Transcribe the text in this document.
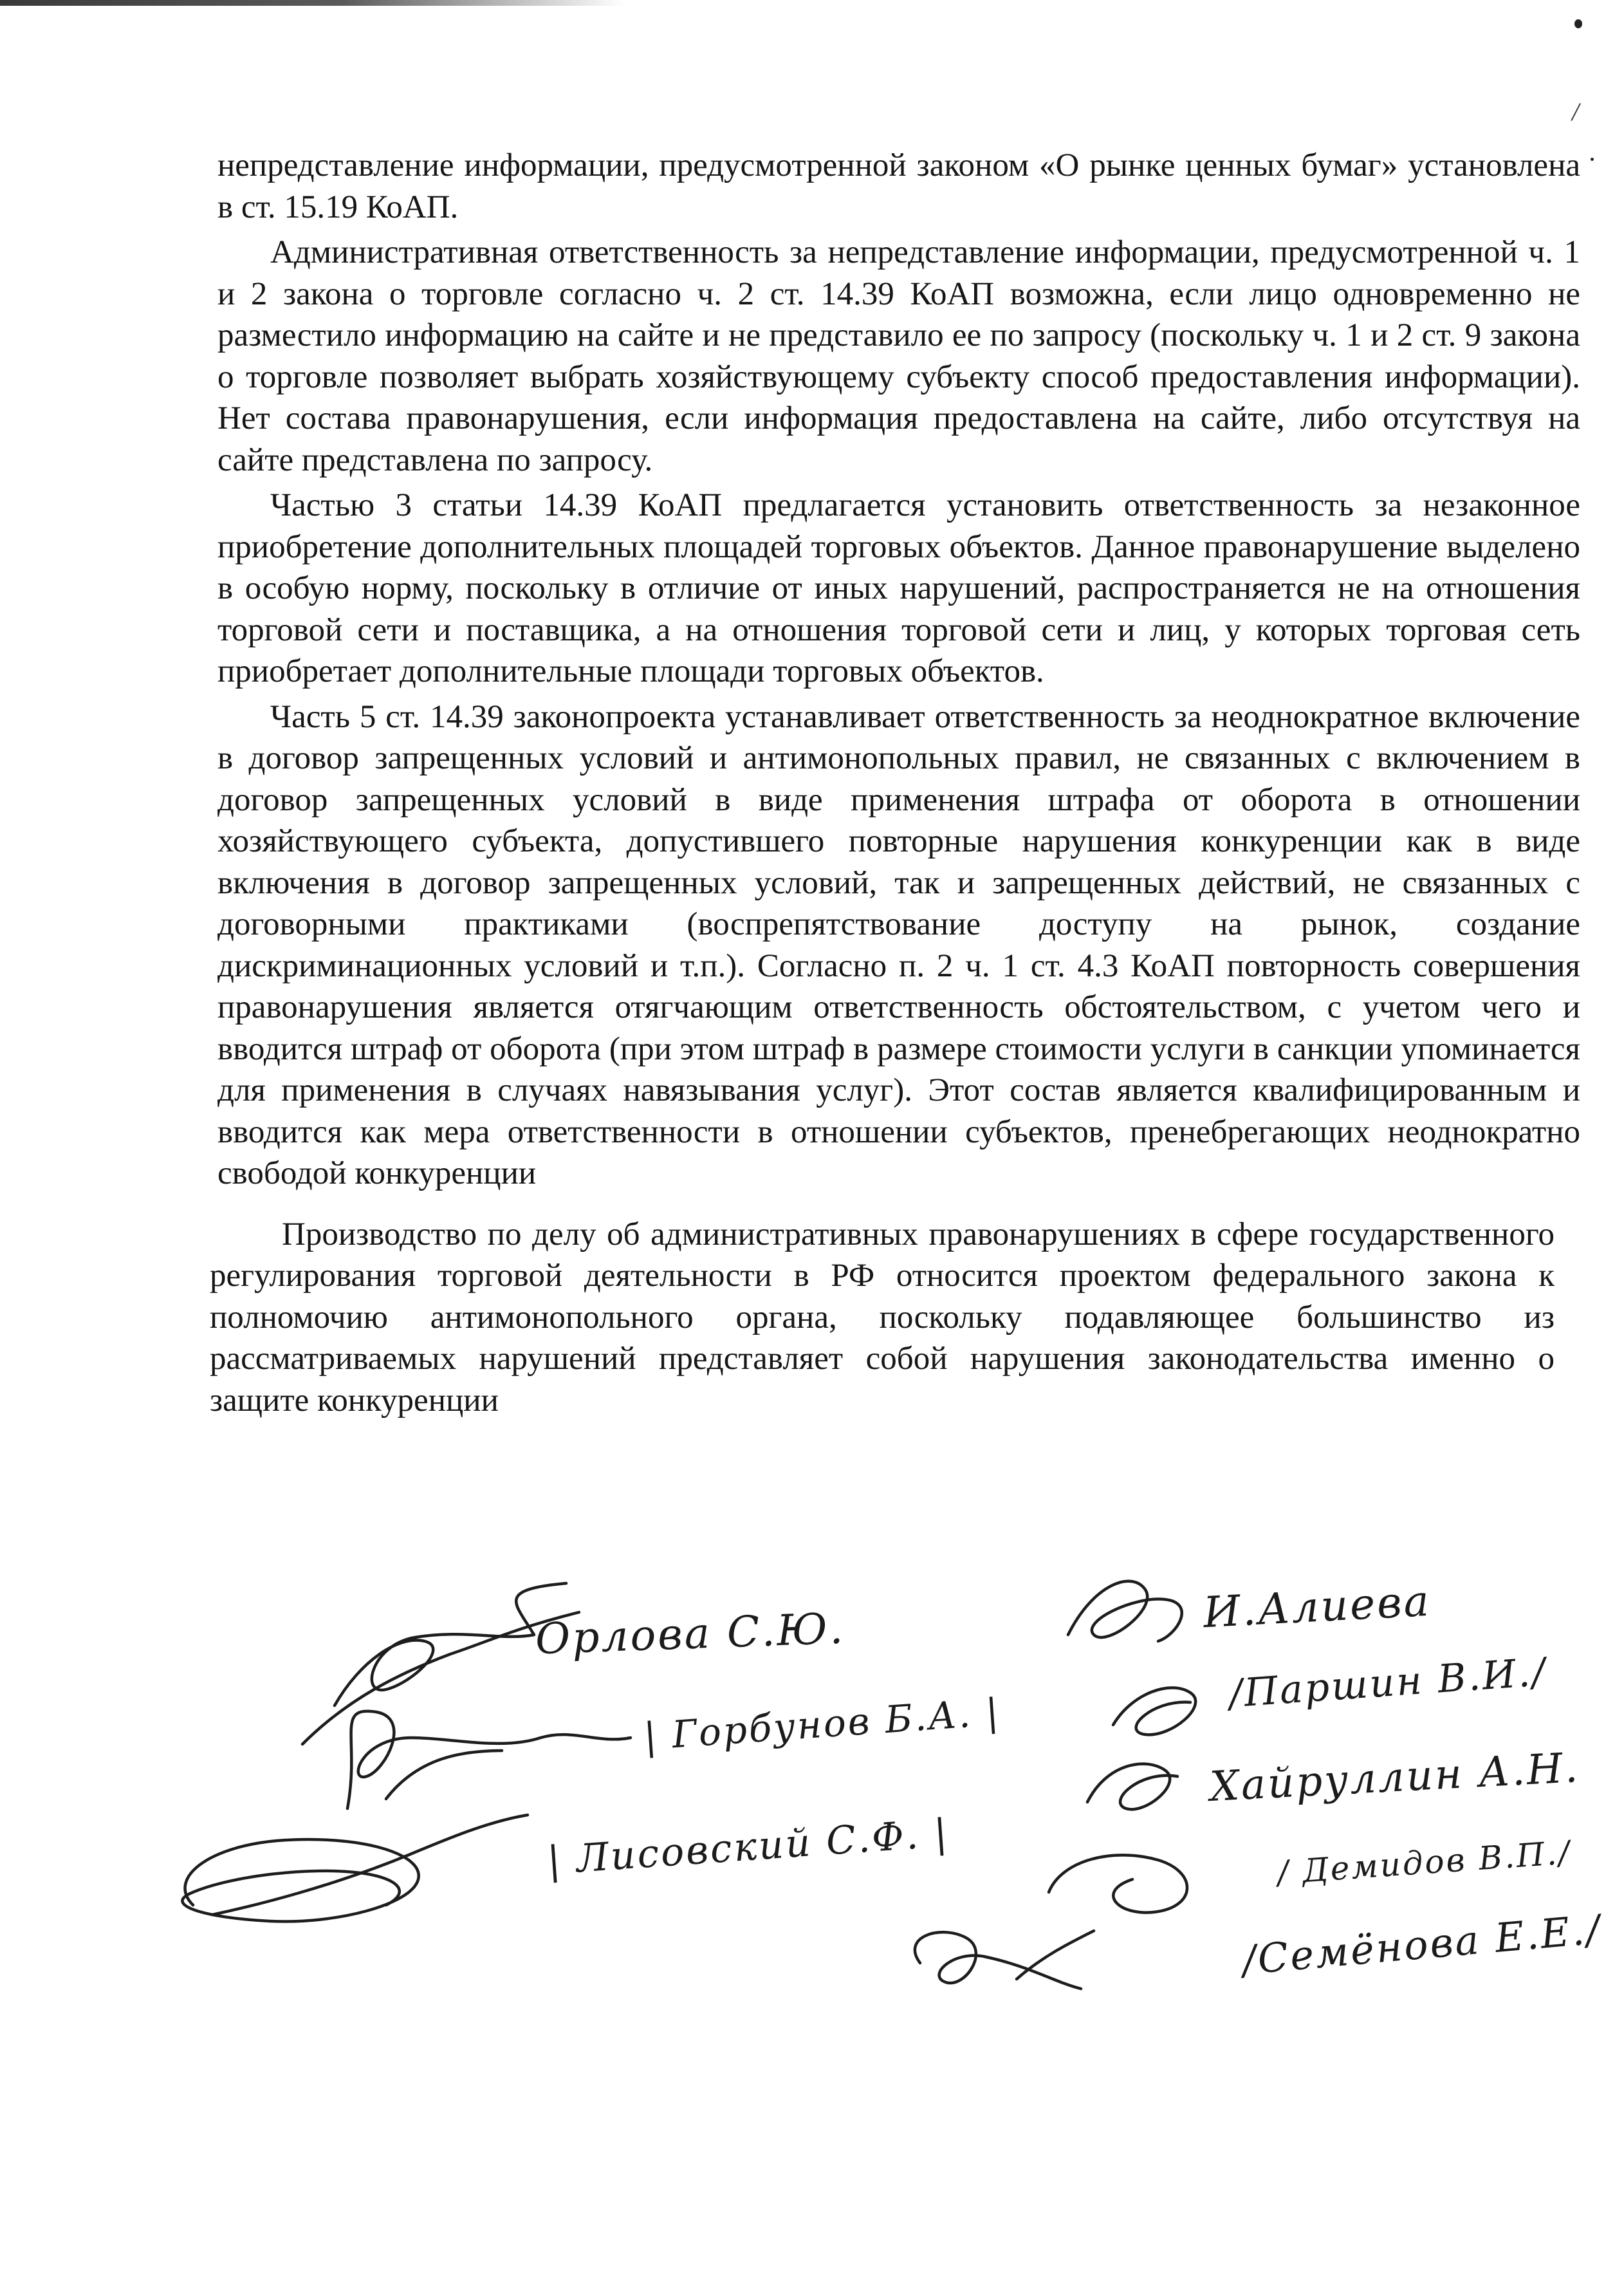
/

непредставление информации, предусмотренной законом «О рынке ценных бумаг» установлена в ст. 15.19 КоАП.

Административная ответственность за непредставление информации, предусмотренной ч. 1 и 2 закона о торговле согласно ч. 2 ст. 14.39 КоАП возможна, если лицо одновременно не разместило информацию на сайте и не представило ее по запросу (поскольку ч. 1 и 2 ст. 9 закона о торговле позволяет выбрать хозяйствующему субъекту способ предоставления информации). Нет состава правонарушения, если информация предоставлена на сайте, либо отсутствуя на сайте представлена по запросу.

Частью 3 статьи 14.39 КоАП предлагается установить ответственность за незаконное приобретение дополнительных площадей торговых объектов. Данное правонарушение выделено в особую норму, поскольку в отличие от иных нарушений, распространяется не на отношения торговой сети и поставщика, а на отношения торговой сети и лиц, у которых торговая сеть приобретает дополнительные площади торговых объектов.

Часть 5 ст. 14.39 законопроекта устанавливает ответственность за неоднократное включение в договор запрещенных условий и антимонопольных правил, не связанных с включением в договор запрещенных условий в виде применения штрафа от оборота в отношении хозяйствующего субъекта, допустившего повторные нарушения конкуренции как в виде включения в договор запрещенных условий, так и запрещенных действий, не связанных с договорными практиками (воспрепятствование доступу на рынок, создание дискриминационных условий и т.п.). Согласно п. 2 ч. 1 ст. 4.3 КоАП повторность совершения правонарушения является отягчающим ответственность обстоятельством, с учетом чего и вводится штраф от оборота (при этом штраф в размере стоимости услуги в санкции упоминается для применения в случаях навязывания услуг). Этот состав является квалифицированным и вводится как мера ответственности в отношении субъектов, пренебрегающих неоднократно свободой конкуренции

Производство по делу об административных правонарушениях в сфере государственного регулирования торговой деятельности в РФ относится проектом федерального закона к полномочию антимонопольного органа, поскольку подавляющее большинство из рассматриваемых нарушений представляет собой нарушения законодательства именно о защите конкуренции

Орлова С.Ю.
| Горбунов Б.А. |
| Лисовский С.Ф. |
И.Алиева
/Паршин В.И./
Хайруллин А.Н.
/ Демидов В.П./
/Семёнова Е.Е./
